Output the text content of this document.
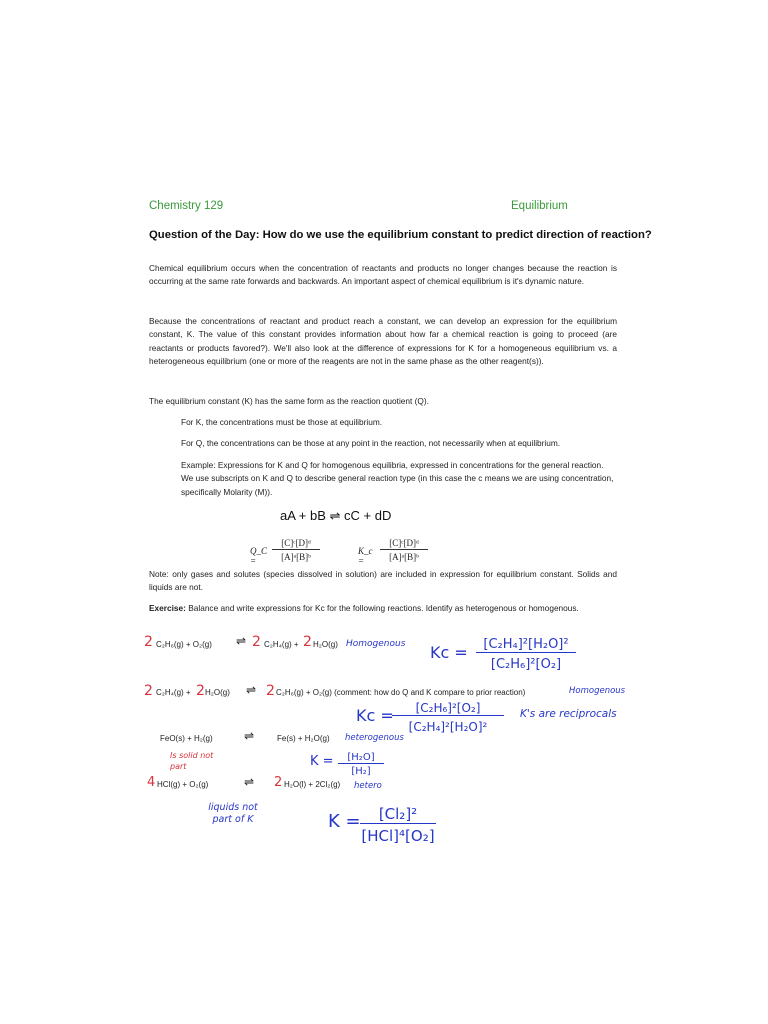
Chemistry 129	Equilibrium
Question of the Day: How do we use the equilibrium constant to predict direction of reaction?
Chemical equilibrium occurs when the concentration of reactants and products no longer changes because the reaction is occurring at the same rate forwards and backwards. An important aspect of chemical equilibrium is it's dynamic nature.
Because the concentrations of reactant and product reach a constant, we can develop an expression for the equilibrium constant, K. The value of this constant provides information about how far a chemical reaction is going to proceed (are reactants or products favored?). We'll also look at the difference of expressions for K for a homogeneous equilibrium vs. a heterogeneous equilibrium (one or more of the reagents are not in the same phase as the other reagent(s)).
The equilibrium constant (K) has the same form as the reaction quotient (Q).
For K, the concentrations must be those at equilibrium.
For Q, the concentrations can be those at any point in the reaction, not necessarily when at equilibrium.
Example: Expressions for K and Q for homogenous equilibria, expressed in concentrations for the general reaction. We use subscripts on K and Q to describe general reaction type (in this case the c means we are using concentration, specifically Molarity (M)).
aA + bB ⇌ cC + dD
Q_C =
[C]ᶜ[D]ᵈ
[A]ᵃ[B]ᵇ
K_c =
[C]ᶜ[D]ᵈ
[A]ᵃ[B]ᵇ
Note: only gases and solutes (species dissolved in solution) are included in expression for equilibrium constant. Solids and liquids are not.
Exercise: Balance and write expressions for Kc for the following reactions. Identify as heterogenous or homogenous.
2 C₂H₆(g) + O₂(g) ⇌ 2 C₂H₄(g) + 2 H₂O(g) Homogenous Kc =	[C₂H₄]²[H₂O]²
[C₂H₆]²[O₂]
2 C₂H₄(g) + 2 H₂O(g) ⇌ 2 C₂H₆(g) + O₂(g) (comment: how do Q and K compare to prior reaction)	Homogenous
Kc =	[C₂H₆]²[O₂]
[C₂H₄]²[H₂O]²
K's are reciprocals
FeO(s) + H₂(g)	⇌	Fe(s) + H₂O(g) heterogenous
Is solid not part	K =	[H₂O]
[H₂]
4 HCl(g) + O₂(g)	⇌ 2 H₂O(l) + 2Cl₂(g) hetero
liquids not part of K	K =	[Cl₂]²
[HCl]⁴[O₂]
